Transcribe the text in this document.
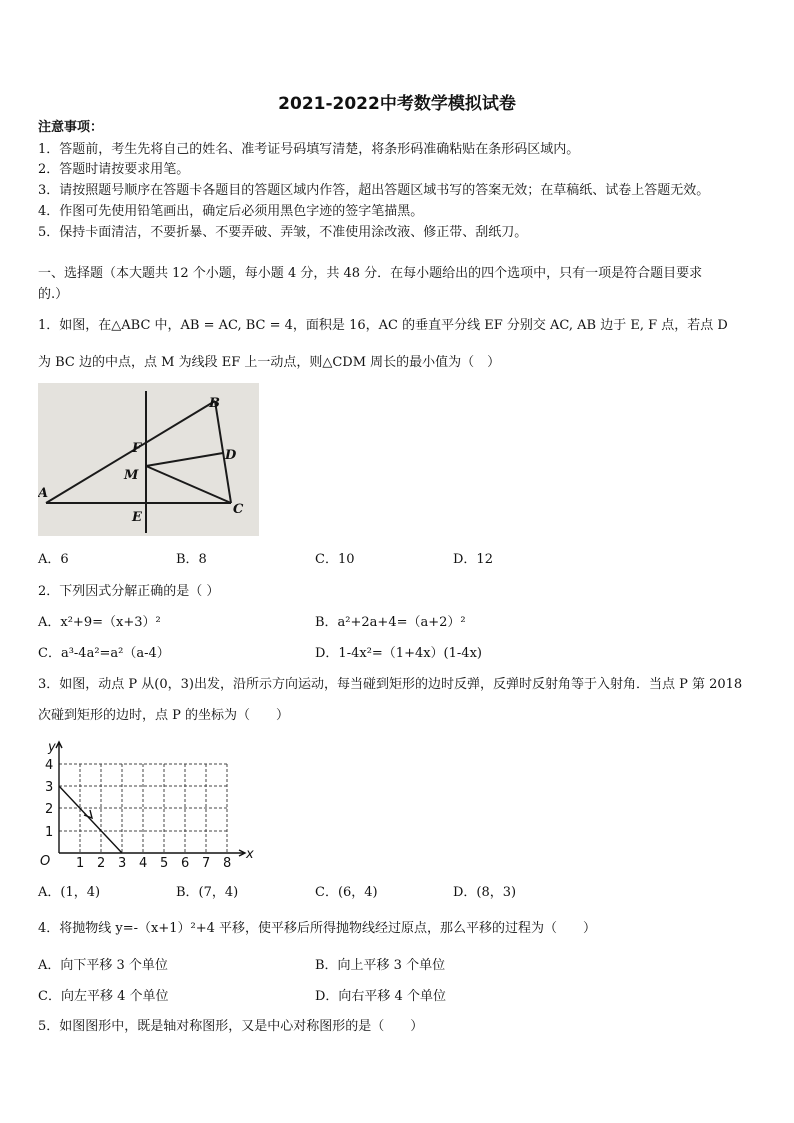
2021-2022中考数学模拟试卷
注意事项：
1．答题前，考生先将自己的姓名、准考证号码填写清楚，将条形码准确粘贴在条形码区域内。
2．答题时请按要求用笔。
3．请按照题号顺序在答题卡各题目的答题区域内作答，超出答题区域书写的答案无效；在草稿纸、试卷上答题无效。
4．作图可先使用铅笔画出，确定后必须用黑色字迹的签字笔描黑。
5．保持卡面清洁，不要折暴、不要弄破、弄皱，不准使用涂改液、修正带、刮纸刀。
一、选择题（本大题共 12 个小题，每小题 4 分，共 48 分．在每小题给出的四个选项中，只有一项是符合题目要求
的.）
1．如图，在△ABC 中，AB = AC, BC = 4，面积是 16，AC 的垂直平分线 EF 分别交 AC, AB 边于 E, F 点，若点 D
为 BC 边的中点，点 M 为线段 EF 上一动点，则△CDM 周长的最小值为（　）
A
B
C
D
E
F
M
A．6	B．8	C．10	D．12
2．下列因式分解正确的是（ ）
A．x²+9=（x+3）²	B．a²+2a+4=（a+2）²
C．a³-4a²=a²（a-4）	D．1-4x²=（1+4x）(1-4x)
3．如图，动点 P 从(0，3)出发，沿所示方向运动，每当碰到矩形的边时反弹，反弹时反射角等于入射角．当点 P 第 2018
次碰到矩形的边时，点 P 的坐标为（　　）
y
x
O
4
3
2
1
1 2 3 4 5 6 7 8
A．(1，4)	B．(7，4)	C．(6，4)	D．(8，3)
4．将抛物线 y=-（x+1）²+4 平移，使平移后所得抛物线经过原点，那么平移的过程为（　　）
A．向下平移 3 个单位	B．向上平移 3 个单位
C．向左平移 4 个单位	D．向右平移 4 个单位
5．如图图形中，既是轴对称图形，又是中心对称图形的是（　　）
